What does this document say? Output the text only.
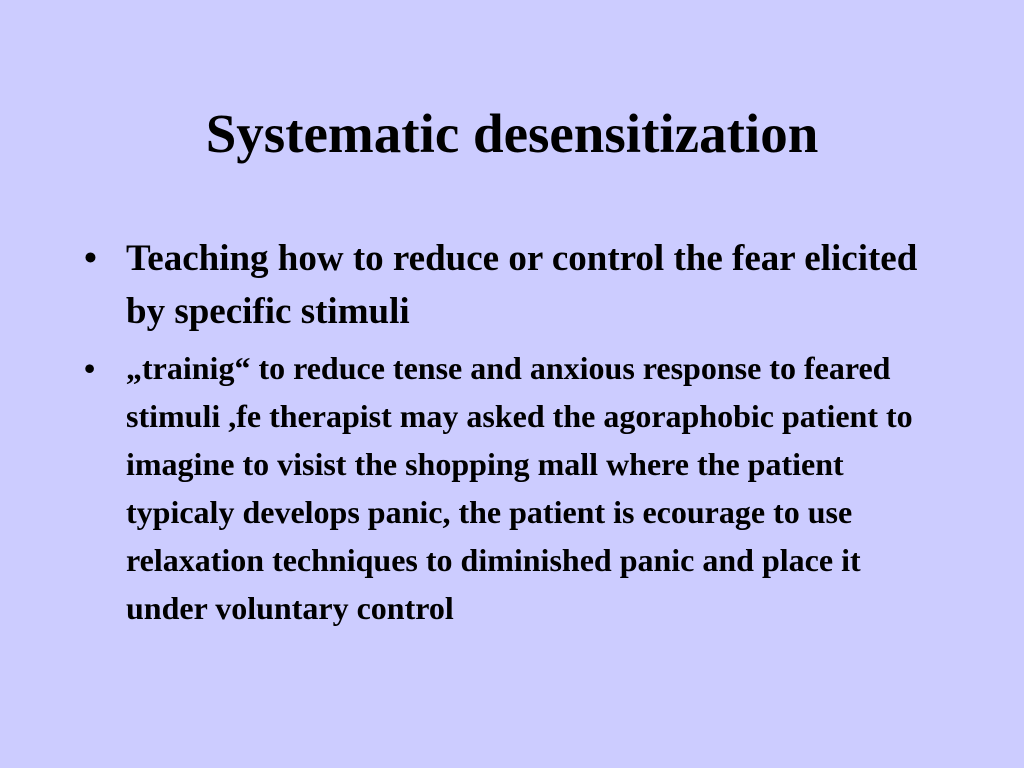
Systematic desensitization
• Teaching how to reduce or control the fear elicited by specific stimuli
• „trainig“ to reduce tense and anxious response to feared stimuli ,fe therapist may asked the agoraphobic patient to imagine to visist the shopping mall where the patient typicaly develops panic, the patient is ecourage to use relaxation techniques to diminished panic and place it under voluntary control
